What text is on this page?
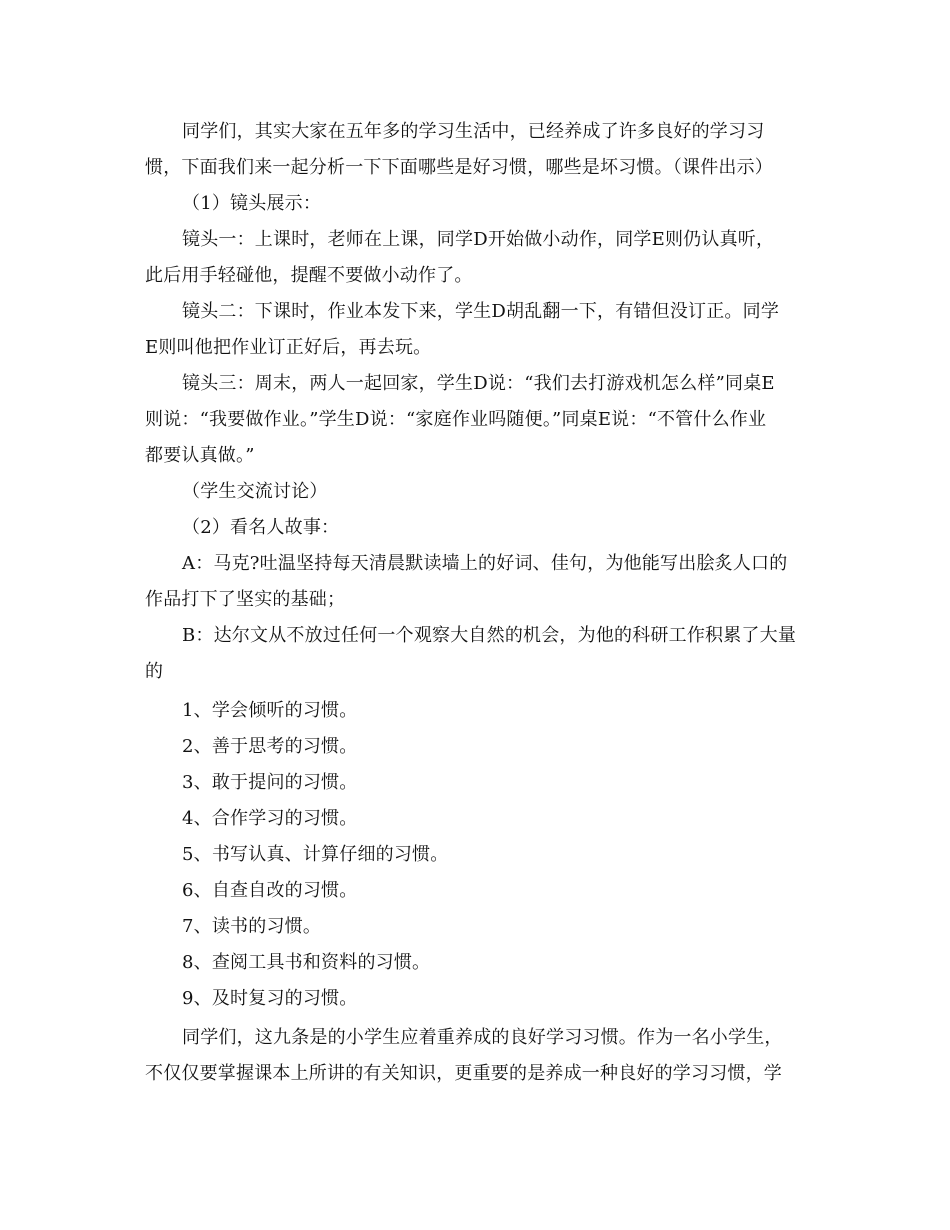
同学们，其实大家在五年多的学习生活中，已经养成了许多良好的学习习

惯，下面我们来一起分析一下下面哪些是好习惯，哪些是坏习惯。（课件出示）

（1）镜头展示：

镜头一：上课时，老师在上课，同学D开始做小动作，同学E则仍认真听，

此后用手轻碰他，提醒不要做小动作了。

镜头二：下课时，作业本发下来，学生D胡乱翻一下，有错但没订正。同学

E则叫他把作业订正好后，再去玩。

镜头三：周末，两人一起回家，学生D说：“我们去打游戏机怎么样”同桌E

则说：“我要做作业。”学生D说：“家庭作业吗随便。”同桌E说：“不管什么作业

都要认真做。”

（学生交流讨论）

（2）看名人故事：

A：马克?吐温坚持每天清晨默读墙上的好词、佳句，为他能写出脍炙人口的

作品打下了坚实的基础；

B：达尔文从不放过任何一个观察大自然的机会，为他的科研工作积累了大量

的

1、学会倾听的习惯。

2、善于思考的习惯。

3、敢于提问的习惯。

4、合作学习的习惯。

5、书写认真、计算仔细的习惯。

6、自查自改的习惯。

7、读书的习惯。

8、查阅工具书和资料的习惯。

9、及时复习的习惯。

同学们，这九条是的小学生应着重养成的良好学习习惯。作为一名小学生，

不仅仅要掌握课本上所讲的有关知识，更重要的是养成一种良好的学习习惯，学
